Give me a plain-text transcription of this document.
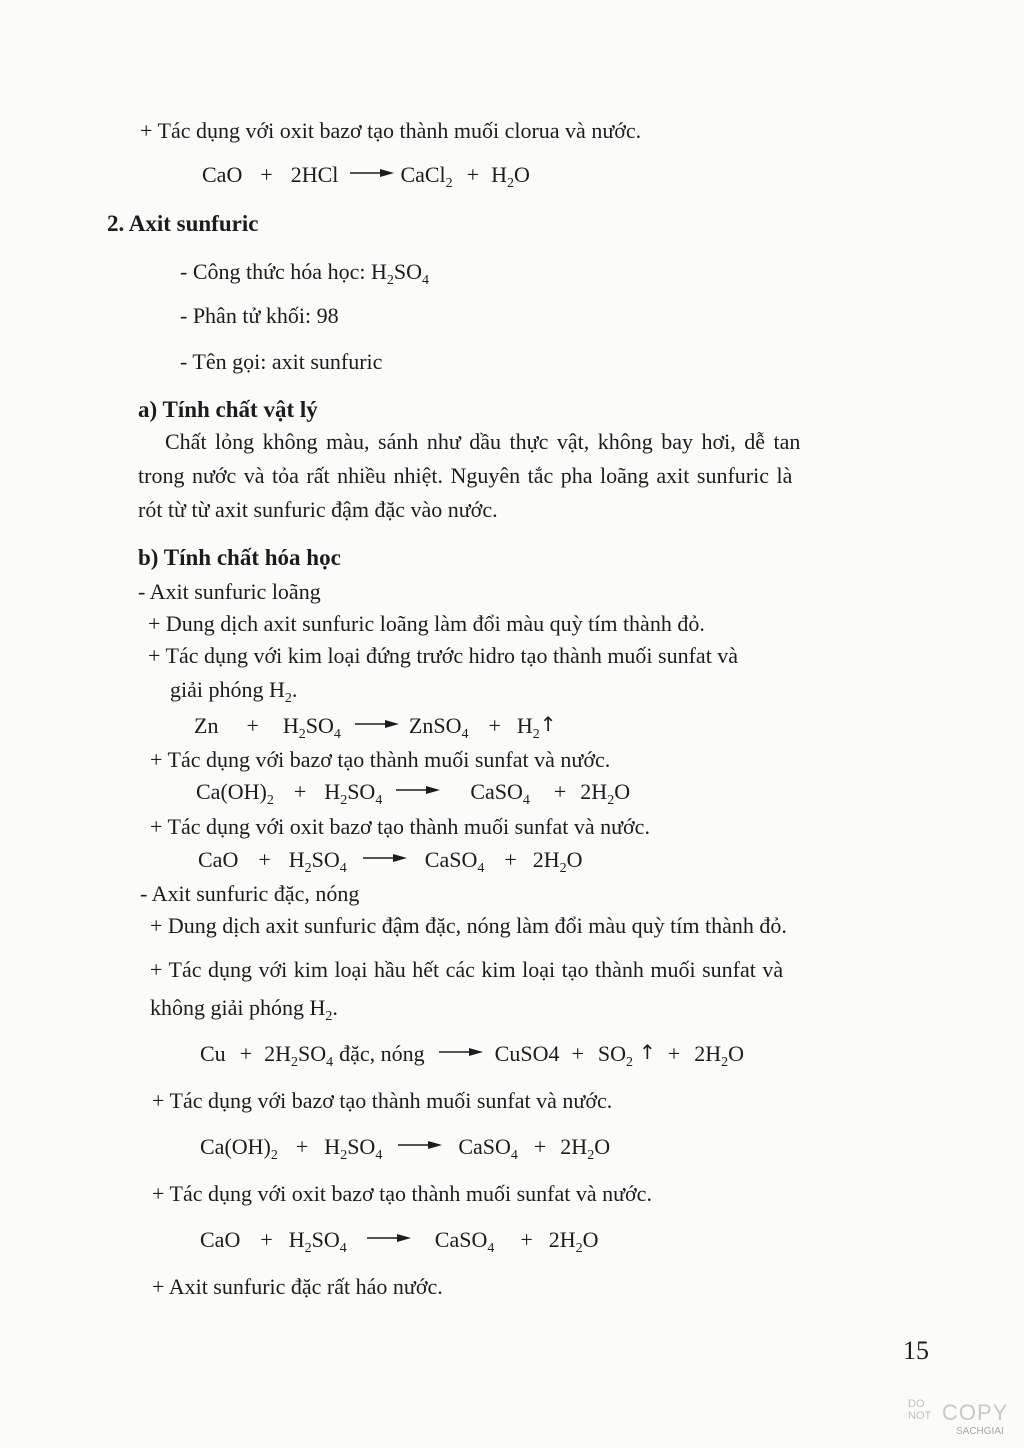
+ Tác dụng với oxit bazơ tạo thành muối clorua và nước.
CaO + 2HCl → CaCl 2 + H 2 O
2. Axit sunfuric
- Công thức hóa học: H 2 SO 4
- Phân tử khối: 98
- Tên gọi: axit sunfuric
a) Tính chất vật lý
Chất lỏng không màu, sánh như dầu thực vật, không bay hơi, dễ tan
trong nước và tỏa rất nhiều nhiệt. Nguyên tắc pha loãng axit sunfuric là
rót từ từ axit sunfuric đậm đặc vào nước.
b) Tính chất hóa học
- Axit sunfuric loãng
+ Dung dịch axit sunfuric loãng làm đổi màu quỳ tím thành đỏ.
+ Tác dụng với kim loại đứng trước hidro tạo thành muối sunfat và
giải phóng H 2 .
Zn + H 2 SO 4 → ZnSO 4 + H 2 ↑
+ Tác dụng với bazơ tạo thành muối sunfat và nước.
Ca(OH) 2 + H 2 SO 4 → CaSO 4 + 2H 2 O
+ Tác dụng với oxit bazơ tạo thành muối sunfat và nước.
CaO + H 2 SO 4 → CaSO 4 + 2H 2 O
- Axit sunfuric đặc, nóng
+ Dung dịch axit sunfuric đậm đặc, nóng làm đổi màu quỳ tím thành đỏ.
+ Tác dụng với kim loại hầu hết các kim loại tạo thành muối sunfat và
không giải phóng H 2 .
Cu + 2H 2 SO 4 đặc, nóng → CuSO4 + SO 2 ↑ + 2H 2 O
+ Tác dụng với bazơ tạo thành muối sunfat và nước.
Ca(OH) 2 + H 2 SO 4 → CaSO 4 + 2H 2 O
+ Tác dụng với oxit bazơ tạo thành muối sunfat và nước.
CaO + H 2 SO 4 → CaSO 4 + 2H 2 O
+ Axit sunfuric đặc rất háo nước.
15
DO
NOT COPY
SACHGIAI
